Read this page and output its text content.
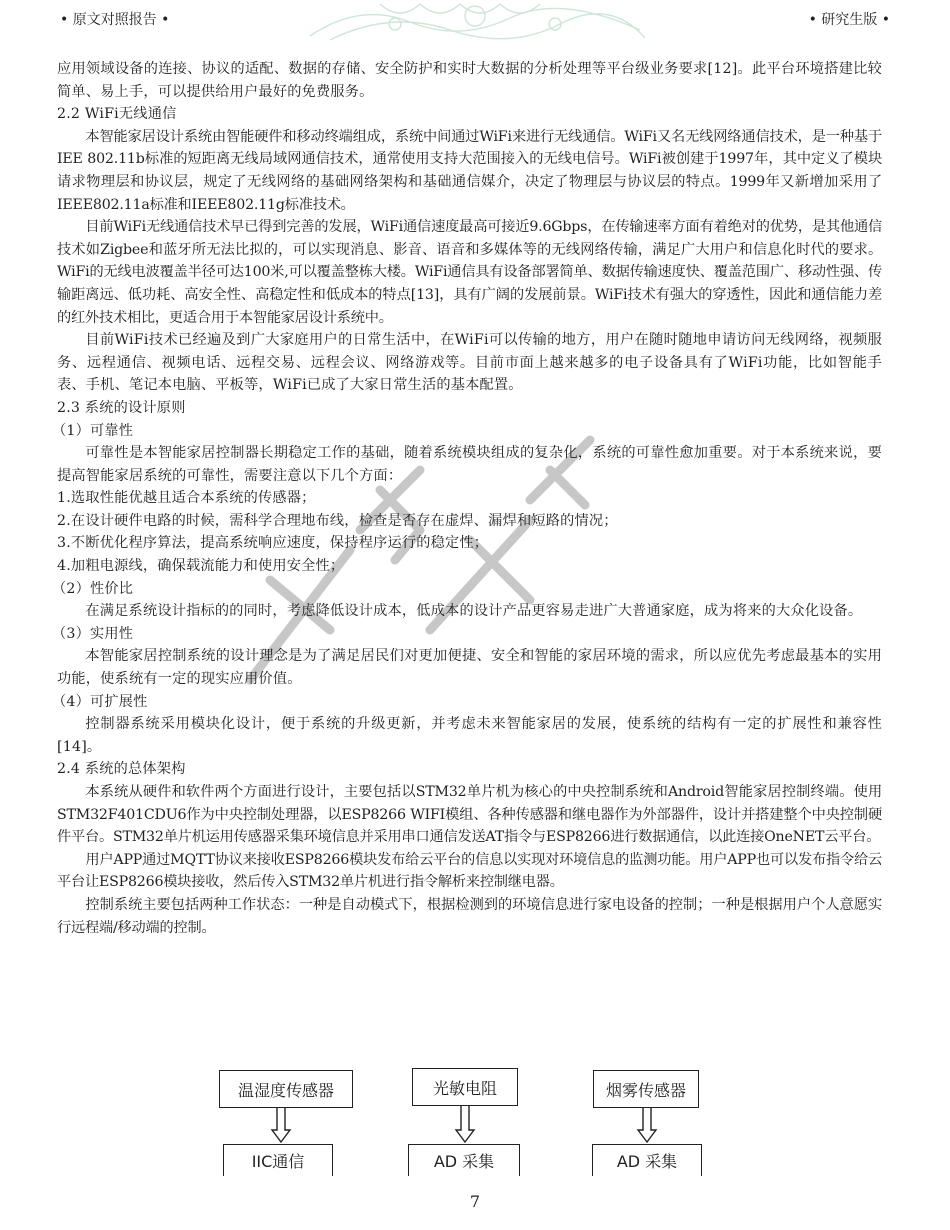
• 原文对照报告 •	• 研究生版 •

应用领域设备的连接、协议的适配、数据的存储、安全防护和实时大数据的分析处理等平台级业务要求[12]。此平台环境搭建比较简单、易上手，可以提供给用户最好的免费服务。

2.2 WiFi无线通信

本智能家居设计系统由智能硬件和移动终端组成，系统中间通过WiFi来进行无线通信。WiFi又名无线网络通信技术，是一种基于IEE 802.11b标准的短距离无线局域网通信技术，通常使用支持大范围接入的无线电信号。WiFi被创建于1997年，其中定义了模块请求物理层和协议层，规定了无线网络的基础网络架构和基础通信媒介，决定了物理层与协议层的特点。1999年又新增加采用了IEEE802.11a标准和IEEE802.11g标准技术。

目前WiFi无线通信技术早已得到完善的发展，WiFi通信速度最高可接近9.6Gbps，在传输速率方面有着绝对的优势，是其他通信技术如Zigbee和蓝牙所无法比拟的，可以实现消息、影音、语音和多媒体等的无线网络传输，满足广大用户和信息化时代的要求。WiFi的无线电波覆盖半径可达100米,可以覆盖整栋大楼。WiFi通信具有设备部署简单、数据传输速度快、覆盖范围广、移动性强、传输距离远、低功耗、高安全性、高稳定性和低成本的特点[13]，具有广阔的发展前景。WiFi技术有强大的穿透性，因此和通信能力差的红外技术相比，更适合用于本智能家居设计系统中。

目前WiFi技术已经遍及到广大家庭用户的日常生活中，在WiFi可以传输的地方，用户在随时随地申请访问无线网络，视频服务、远程通信、视频电话、远程交易、远程会议、网络游戏等。目前市面上越来越多的电子设备具有了WiFi功能，比如智能手表、手机、笔记本电脑、平板等，WiFi已成了大家日常生活的基本配置。

2.3 系统的设计原则

（1）可靠性

可靠性是本智能家居控制器长期稳定工作的基础，随着系统模块组成的复杂化，系统的可靠性愈加重要。对于本系统来说，要提高智能家居系统的可靠性，需要注意以下几个方面：

1.选取性能优越且适合本系统的传感器；

2.在设计硬件电路的时候，需科学合理地布线，检查是否存在虚焊、漏焊和短路的情况；

3.不断优化程序算法，提高系统响应速度，保持程序运行的稳定性；

4.加粗电源线，确保载流能力和使用安全性；

（2）性价比

在满足系统设计指标的的同时，考虑降低设计成本，低成本的设计产品更容易走进广大普通家庭，成为将来的大众化设备。

（3）实用性

本智能家居控制系统的设计理念是为了满足居民们对更加便捷、安全和智能的家居环境的需求，所以应优先考虑最基本的实用功能，使系统有一定的现实应用价值。

（4）可扩展性

控制器系统采用模块化设计，便于系统的升级更新，并考虑未来智能家居的发展，使系统的结构有一定的扩展性和兼容性[14]。

2.4 系统的总体架构

本系统从硬件和软件两个方面进行设计，主要包括以STM32单片机为核心的中央控制系统和Android智能家居控制终端。使用STM32F401CDU6作为中央控制处理器，以ESP8266 WIFI模组、各种传感器和继电器作为外部器件，设计并搭建整个中央控制硬件平台。STM32单片机运用传感器采集环境信息并采用串口通信发送AT指令与ESP8266进行数据通信，以此连接OneNET云平台。

用户APP通过MQTT协议来接收ESP8266模块发布给云平台的信息以实现对环境信息的监测功能。用户APP也可以发布指令给云平台让ESP8266模块接收，然后传入STM32单片机进行指令解析来控制继电器。

控制系统主要包括两种工作状态：一种是自动模式下，根据检测到的环境信息进行家电设备的控制；一种是根据用户个人意愿实行远程端/移动端的控制。

温湿度传感器	光敏电阻	烟雾传感器
IIC通信	AD 采集	AD 采集
7
